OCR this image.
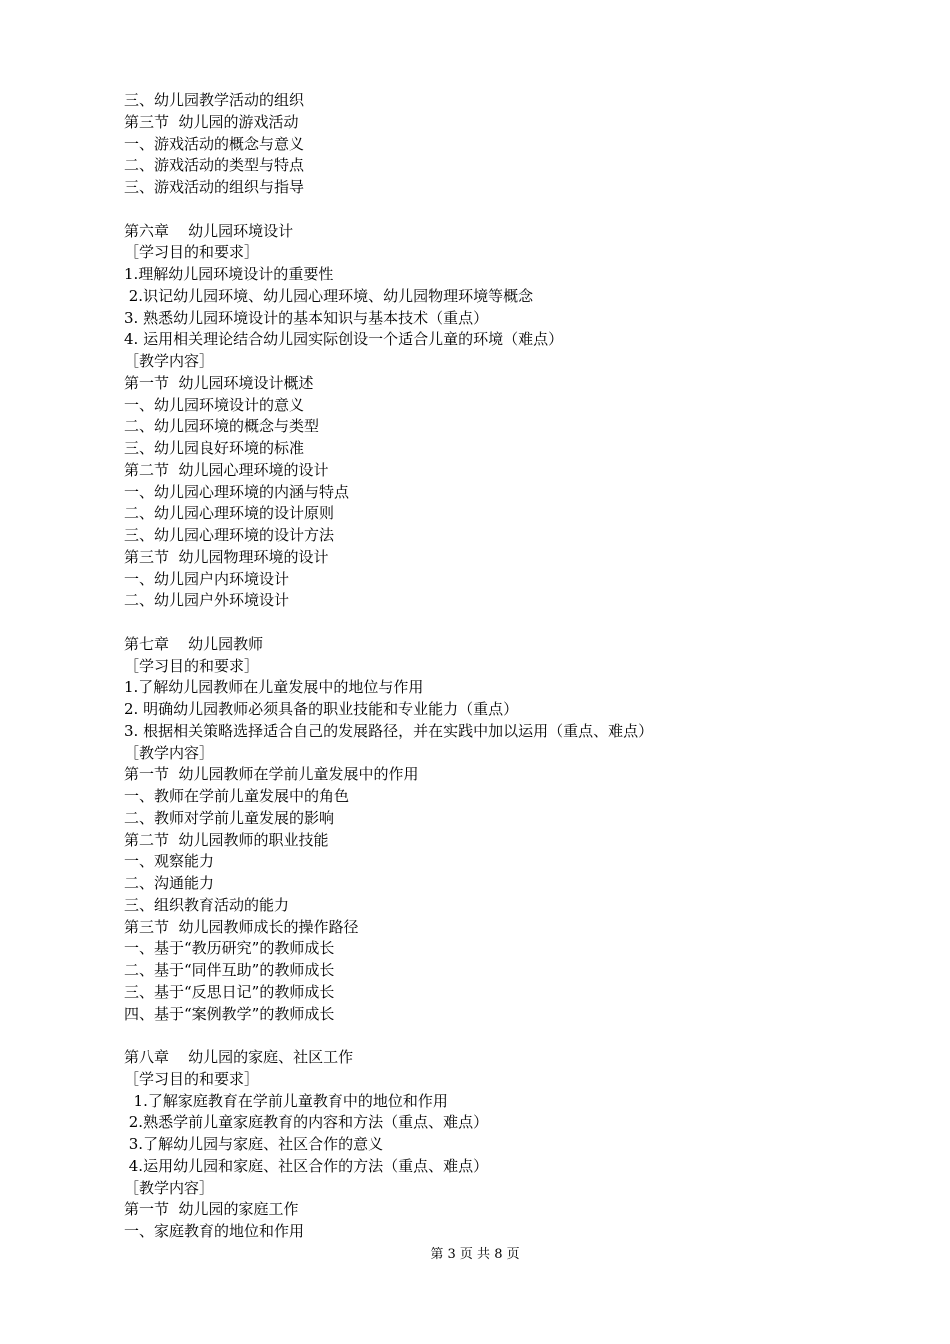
三、幼儿园教学活动的组织
第三节  幼儿园的游戏活动
一、游戏活动的概念与意义
二、游戏活动的类型与特点
三、游戏活动的组织与指导
第六章    幼儿园环境设计
［学习目的和要求］
1.理解幼儿园环境设计的重要性
2.识记幼儿园环境、幼儿园心理环境、幼儿园物理环境等概念
3. 熟悉幼儿园环境设计的基本知识与基本技术（重点）
4. 运用相关理论结合幼儿园实际创设一个适合儿童的环境（难点）
［教学内容］
第一节  幼儿园环境设计概述
一、幼儿园环境设计的意义
二、幼儿园环境的概念与类型
三、幼儿园良好环境的标准
第二节  幼儿园心理环境的设计
一、幼儿园心理环境的内涵与特点
二、幼儿园心理环境的设计原则
三、幼儿园心理环境的设计方法
第三节  幼儿园物理环境的设计
一、幼儿园户内环境设计
二、幼儿园户外环境设计
第七章    幼儿园教师
［学习目的和要求］
1.了解幼儿园教师在儿童发展中的地位与作用
2. 明确幼儿园教师必须具备的职业技能和专业能力（重点）
3. 根据相关策略选择适合自己的发展路径，并在实践中加以运用（重点、难点）
［教学内容］
第一节  幼儿园教师在学前儿童发展中的作用
一、教师在学前儿童发展中的角色
二、教师对学前儿童发展的影响
第二节  幼儿园教师的职业技能
一、观察能力
二、沟通能力
三、组织教育活动的能力
第三节  幼儿园教师成长的操作路径
一、基于“教历研究”的教师成长
二、基于“同伴互助”的教师成长
三、基于“反思日记”的教师成长
四、基于“案例教学”的教师成长
第八章    幼儿园的家庭、社区工作
［学习目的和要求］
1.了解家庭教育在学前儿童教育中的地位和作用
2.熟悉学前儿童家庭教育的内容和方法（重点、难点）
3.了解幼儿园与家庭、社区合作的意义
4.运用幼儿园和家庭、社区合作的方法（重点、难点）
［教学内容］
第一节  幼儿园的家庭工作
一、家庭教育的地位和作用
第 3 页 共 8 页
